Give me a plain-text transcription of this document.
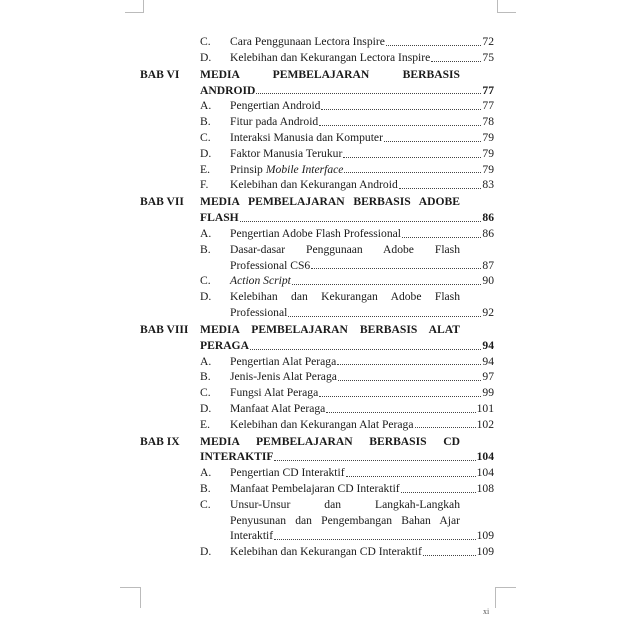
C.	Cara Penggunaan Lectora Inspire	72
D.	Kelebihan dan Kekurangan Lectora Inspire	75
BAB VI	MEDIA PEMBELAJARAN BERBASIS
ANDROID	77
A.	Pengertian Android	77
B.	Fitur pada Android	78
C.	Interaksi Manusia dan Komputer	79
D.	Faktor Manusia Terukur	79
E.	Prinsip Mobile Interface	79
F.	Kelebihan dan Kekurangan Android	83
BAB VII	MEDIA PEMBELAJARAN BERBASIS ADOBE
FLASH	86
A.	Pengertian Adobe Flash Professional	86
B.	Dasar-dasar Penggunaan Adobe Flash
Professional CS6	87
C.	Action Script	90
D.	Kelebihan dan Kekurangan Adobe Flash
Professional	92
BAB VIII MEDIA PEMBELAJARAN BERBASIS ALAT
PERAGA	94
A.	Pengertian Alat Peraga	94
B.	Jenis-Jenis Alat Peraga	97
C.	Fungsi Alat Peraga	99
D.	Manfaat Alat Peraga	101
E.	Kelebihan dan Kekurangan Alat Peraga	102
BAB IX	MEDIA PEMBELAJARAN BERBASIS CD
INTERAKTIF	104
A.	Pengertian CD Interaktif	104
B.	Manfaat Pembelajaran CD Interaktif	108
C.	Unsur-Unsur dan Langkah-Langkah
Penyusunan dan Pengembangan Bahan Ajar
Interaktif	109
D.	Kelebihan dan Kekurangan CD Interaktif	109
xi
